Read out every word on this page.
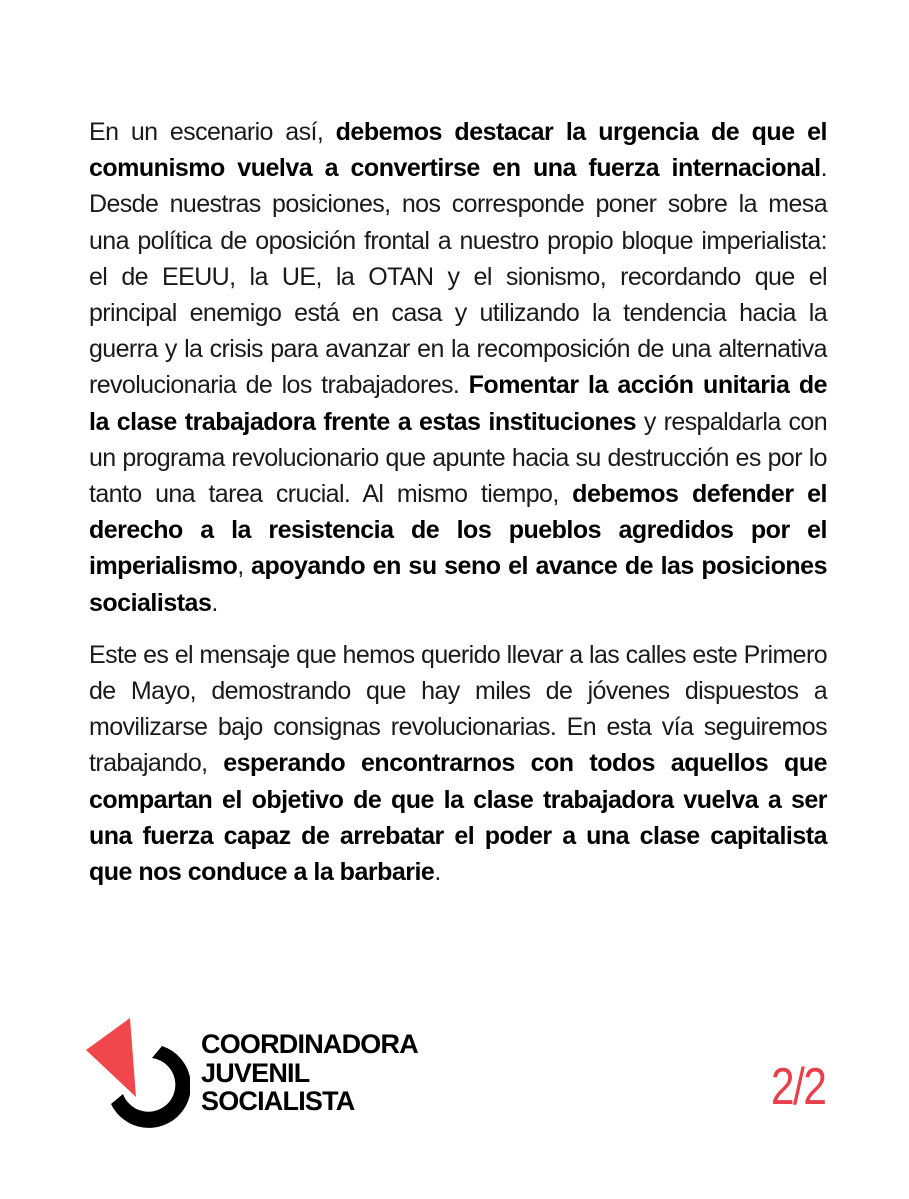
En un escenario así, debemos destacar la urgencia de que el comunismo vuelva a convertirse en una fuerza internacional. Desde nuestras posiciones, nos corresponde poner sobre la mesa una política de oposición frontal a nuestro propio bloque imperialista: el de EEUU, la UE, la OTAN y el sionismo, recordando que el principal enemigo está en casa y utilizando la tendencia hacia la guerra y la crisis para avanzar en la recomposición de una alternativa revolucionaria de los trabajadores. Fomentar la acción unitaria de la clase trabajadora frente a estas instituciones y respaldarla con un programa revolucionario que apunte hacia su destrucción es por lo tanto una tarea crucial. Al mismo tiempo, debemos defender el derecho a la resistencia de los pueblos agredidos por el imperialismo, apoyando en su seno el avance de las posiciones socialistas.

Este es el mensaje que hemos querido llevar a las calles este Primero de Mayo, demostrando que hay miles de jóvenes dispuestos a movilizarse bajo consignas revolucionarias. En esta vía seguiremos trabajando, esperando encontrarnos con todos aquellos que compartan el objetivo de que la clase trabajadora vuelva a ser una fuerza capaz de arrebatar el poder a una clase capitalista que nos conduce a la barbarie.

COORDINADORA
JUVENIL
SOCIALISTA	2/2
